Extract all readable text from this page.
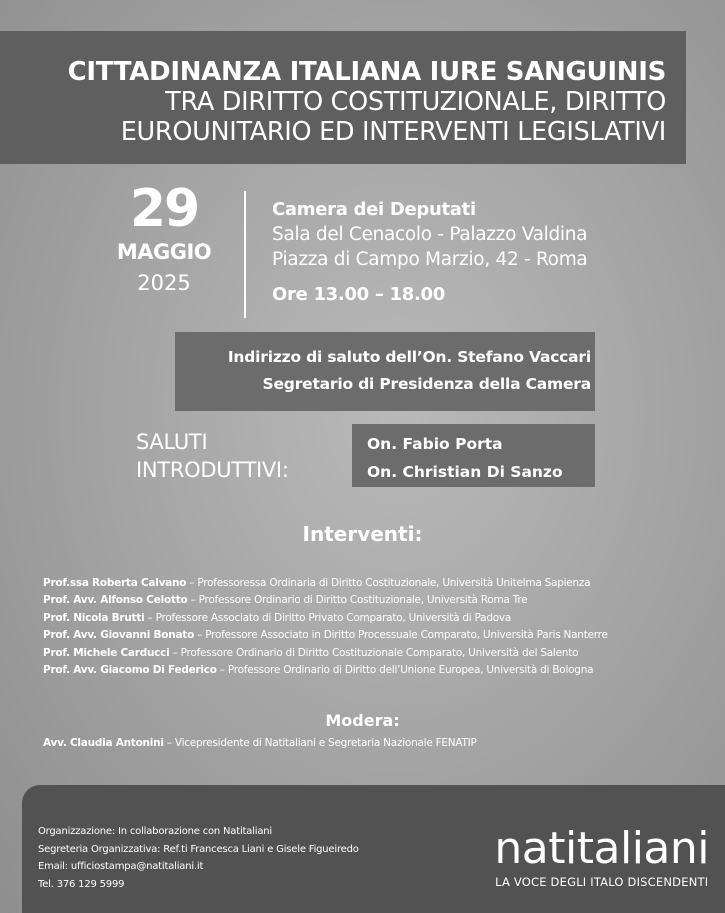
CITTADINANZA ITALIANA IURE SANGUINIS
TRA DIRITTO COSTITUZIONALE, DIRITTO
EUROUNITARIO ED INTERVENTI LEGISLATIVI
29
MAGGIO
2025
Camera dei Deputati
Sala del Cenacolo - Palazzo Valdina
Piazza di Campo Marzio, 42 - Roma
Ore 13.00 – 18.00
Indirizzo di saluto dell’On. Stefano Vaccari
Segretario di Presidenza della Camera
SALUTI
INTRODUTTIVI:
On. Fabio Porta
On. Christian Di Sanzo
Interventi:
Prof.ssa Roberta Calvano – Professoressa Ordinaria di Diritto Costituzionale, Università Unitelma Sapienza
Prof. Avv. Alfonso Celotto – Professore Ordinario di Diritto Costituzionale, Università Roma Tre
Prof. Nicola Brutti – Professore Associato di Diritto Privato Comparato, Università di Padova
Prof. Avv. Giovanni Bonato – Professore Associato in Diritto Processuale Comparato, Università Paris Nanterre
Prof. Michele Carducci – Professore Ordinario di Diritto Costituzionale Comparato, Università del Salento
Prof. Avv. Giacomo Di Federico – Professore Ordinario di Diritto dell’Unione Europea, Università di Bologna
Modera:
Avv. Claudia Antonini – Vicepresidente di Natitaliani e Segretaria Nazionale FENATIP
Organizzazione: In collaborazione con Natitaliani
Segreteria Organizzativa: Ref.ti Francesca Liani e Gisele Figueiredo
Email: ufficiostampa@natitaliani.it
Tel. 376 129 5999
natitaliani
LA VOCE DEGLI ITALO DISCENDENTI
